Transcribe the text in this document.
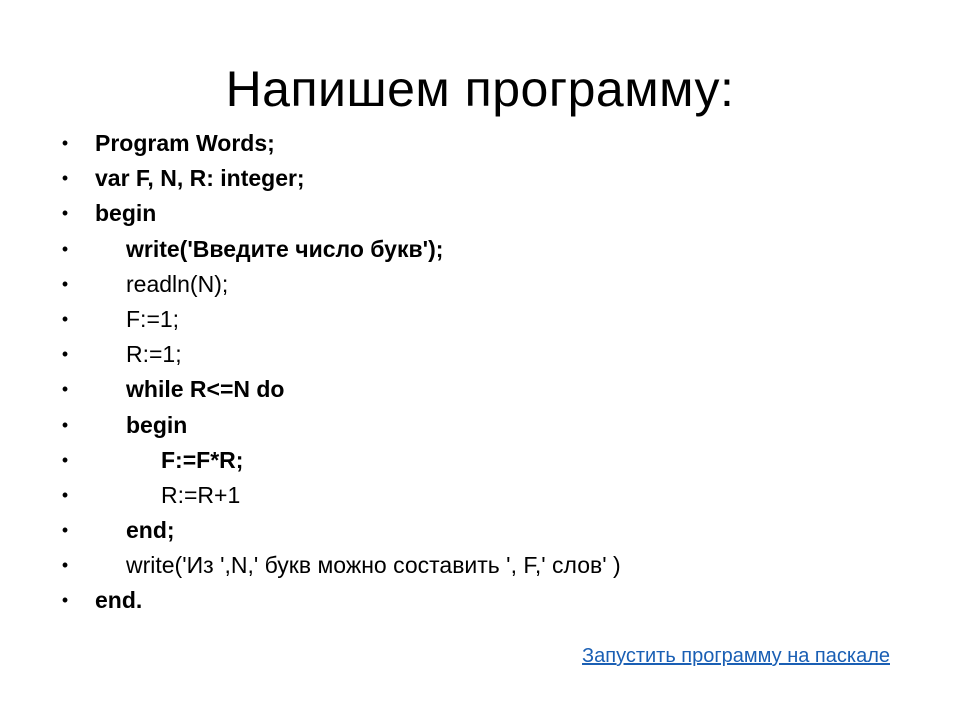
Напишем программу:
• Program Words;
• var F, N, R: integer;
• begin
•	write('Введите число букв');
•	readln(N);
•	F:=1;
•	R:=1;
•	while R<=N do
•	begin
•	F:=F*R;
•	R:=R+1
•	end;
•	write('Из ',N,' букв можно составить ', F,' слов' )
• end.
Запустить программу на паскале
